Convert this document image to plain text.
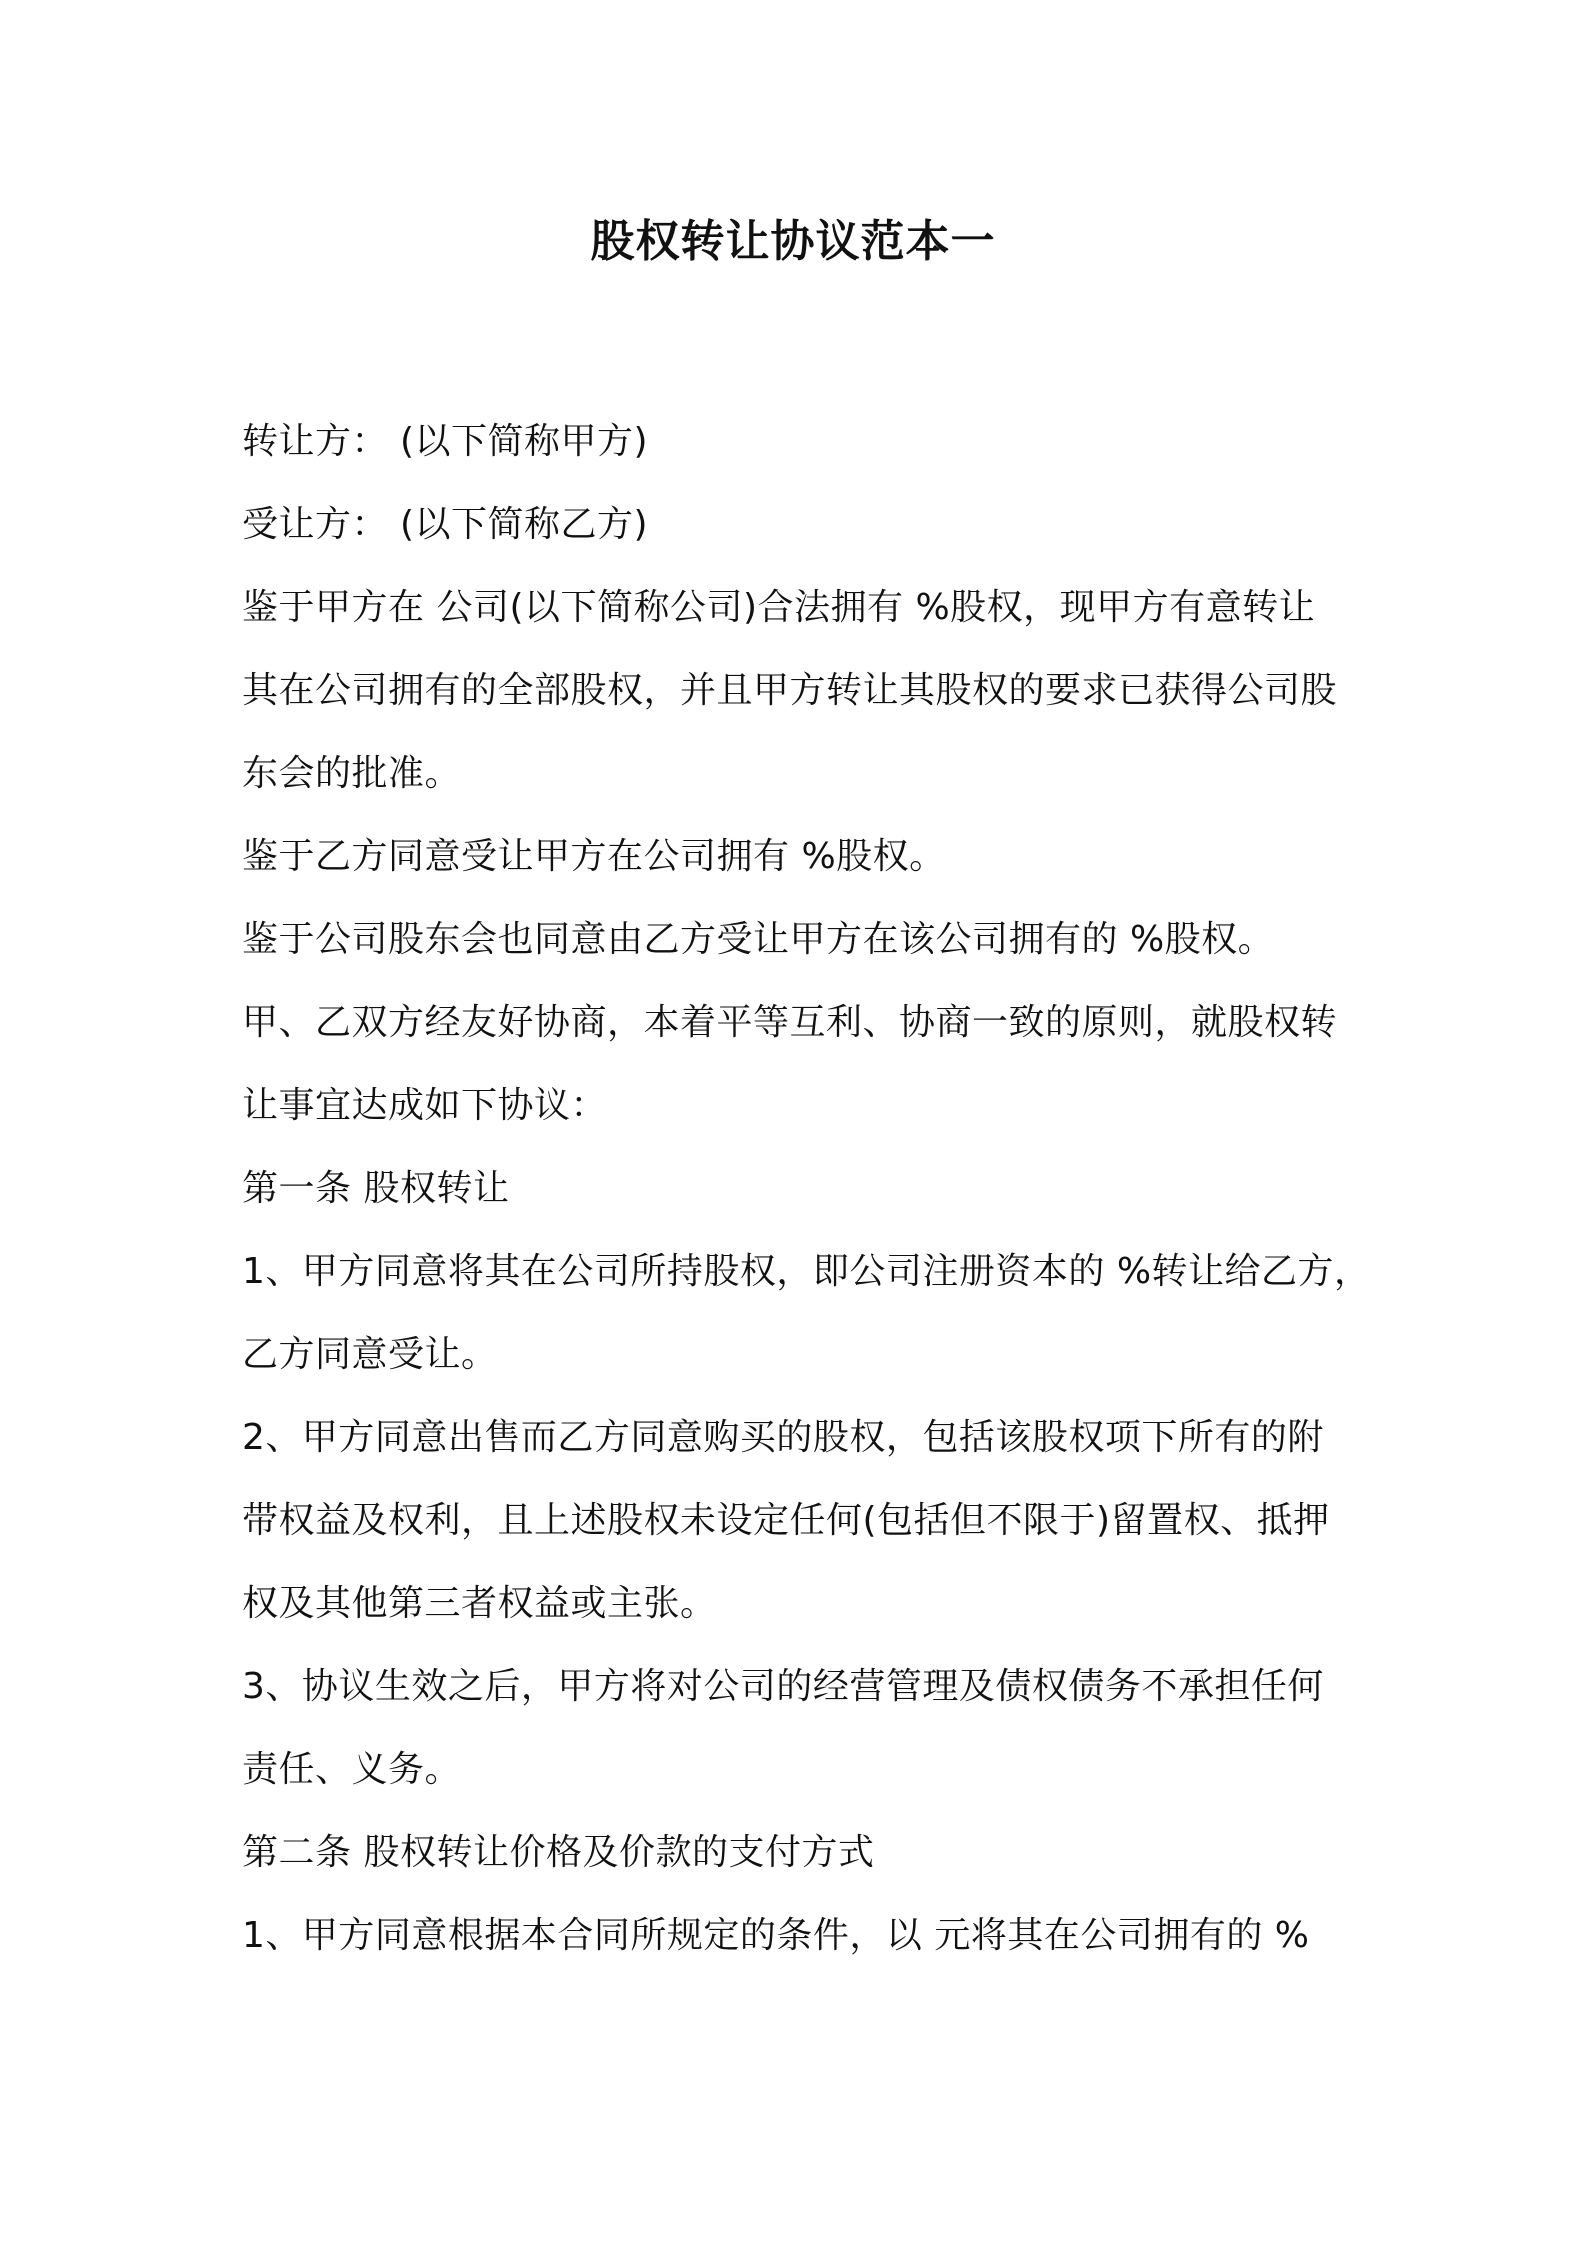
股权转让协议范本一
转让方： (以下简称甲方)
受让方： (以下简称乙方)
鉴于甲方在 公司(以下简称公司)合法拥有 %股权，现甲方有意转让
其在公司拥有的全部股权，并且甲方转让其股权的要求已获得公司股
东会的批准。
鉴于乙方同意受让甲方在公司拥有 %股权。
鉴于公司股东会也同意由乙方受让甲方在该公司拥有的 %股权。
甲、乙双方经友好协商，本着平等互利、协商一致的原则，就股权转
让事宜达成如下协议：
第一条 股权转让
1、甲方同意将其在公司所持股权，即公司注册资本的 %转让给乙方，
乙方同意受让。
2、甲方同意出售而乙方同意购买的股权，包括该股权项下所有的附
带权益及权利，且上述股权未设定任何(包括但不限于)留置权、抵押
权及其他第三者权益或主张。
3、协议生效之后，甲方将对公司的经营管理及债权债务不承担任何
责任、义务。
第二条 股权转让价格及价款的支付方式
1、甲方同意根据本合同所规定的条件，以 元将其在公司拥有的 %
